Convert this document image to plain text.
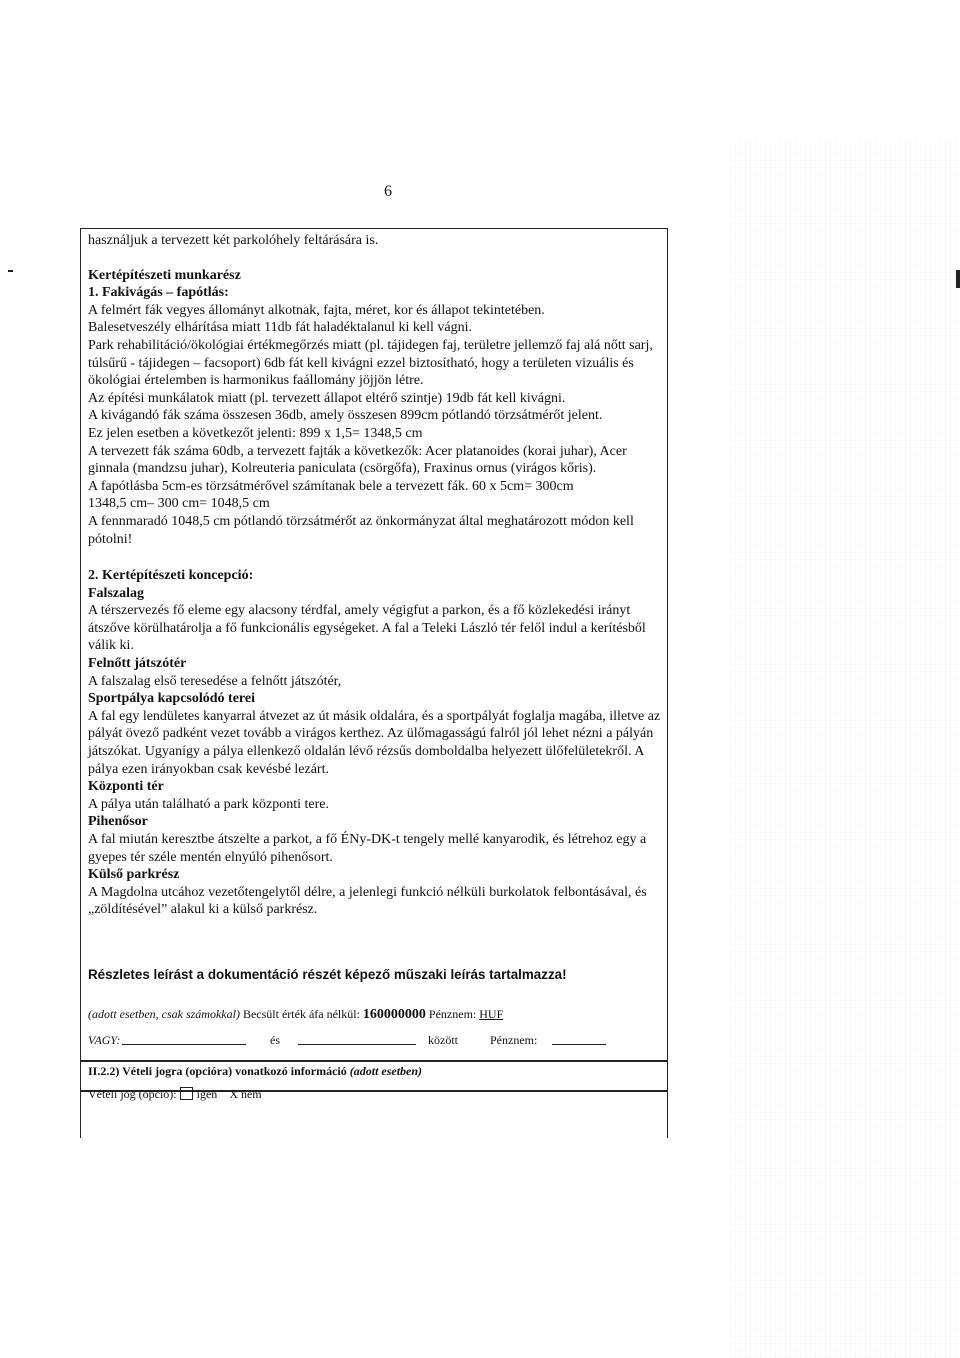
6

használjuk a tervezett két parkolóhely feltárására is.

Kertépítészeti munkarész

1. Fakivágás – fapótlás:

A felmért fák vegyes állományt alkotnak, fajta, méret, kor és állapot tekintetében.

Balesetveszély elhárítása miatt 11db fát haladéktalanul ki kell vágni.

Park rehabilitáció/ökológiai értékmegőrzés miatt (pl. tájidegen faj, területre jellemző faj alá nőtt sarj, túlsűrű - tájidegen – facsoport) 6db fát kell kivágni ezzel biztosítható, hogy a területen vizuális és ökológiai értelemben is harmonikus faállomány jöjjön létre.

Az építési munkálatok miatt (pl. tervezett állapot eltérő szintje) 19db fát kell kivágni.

A kivágandó fák száma összesen 36db, amely összesen 899cm pótlandó törzsátmérőt jelent.

Ez jelen esetben a következőt jelenti: 899 x 1,5= 1348,5 cm

A tervezett fák száma 60db, a tervezett fajták a következők: Acer platanoides (korai juhar), Acer ginnala (mandzsu juhar), Kolreuteria paniculata (csörgőfa), Fraxinus ornus (virágos kőris).

A fapótlásba 5cm-es törzsátmérővel számítanak bele a tervezett fák. 60 x 5cm= 300cm

1348,5 cm– 300 cm= 1048,5 cm

A fennmaradó 1048,5 cm pótlandó törzsátmérőt az önkormányzat által meghatározott módon kell pótolni!

2. Kertépítészeti koncepció:

Falszalag

A térszervezés fő eleme egy alacsony térdfal, amely végigfut a parkon, és a fő közlekedési irányt átszőve körülhatárolja a fő funkcionális egységeket. A fal a Teleki László tér felől indul a kerítésből válik ki.

Felnőtt játszótér

A falszalag első teresedése a felnőtt játszótér,

Sportpálya kapcsolódó terei

A fal egy lendületes kanyarral átvezet az út másik oldalára, és a sportpályát foglalja magába, illetve az pályát övező padként vezet tovább a virágos kerthez. Az ülőmagasságú falról jól lehet nézni a pályán játszókat. Ugyanígy a pálya ellenkező oldalán lévő rézsűs domboldalba helyezett ülőfelületekről. A pálya ezen irányokban csak kevésbé lezárt.

Központi tér

A pálya után található a park központi tere.

Pihenősor

A fal miután keresztbe átszelte a parkot, a fő ÉNy-DK-t tengely mellé kanyarodik, és létrehoz egy a gyepes tér széle mentén elnyúló pihenősort.

Külső parkrész

A Magdolna utcához vezetőtengelytől délre, a jelenlegi funkció nélküli burkolatok felbontásával, és „zöldítésével” alakul ki a külső parkrész.

Részletes leírást a dokumentáció részét képező műszaki leírás tartalmazza!
(adott esetben, csak számokkal) Becsült érték áfa nélkül: 160000000 Pénznem: HUF
VAGY:	és	között	Pénznem:
II.2.2) Vételi jogra (opcióra) vonatkozó információ (adott esetben)
Vételi jog (opció): igen X nem
